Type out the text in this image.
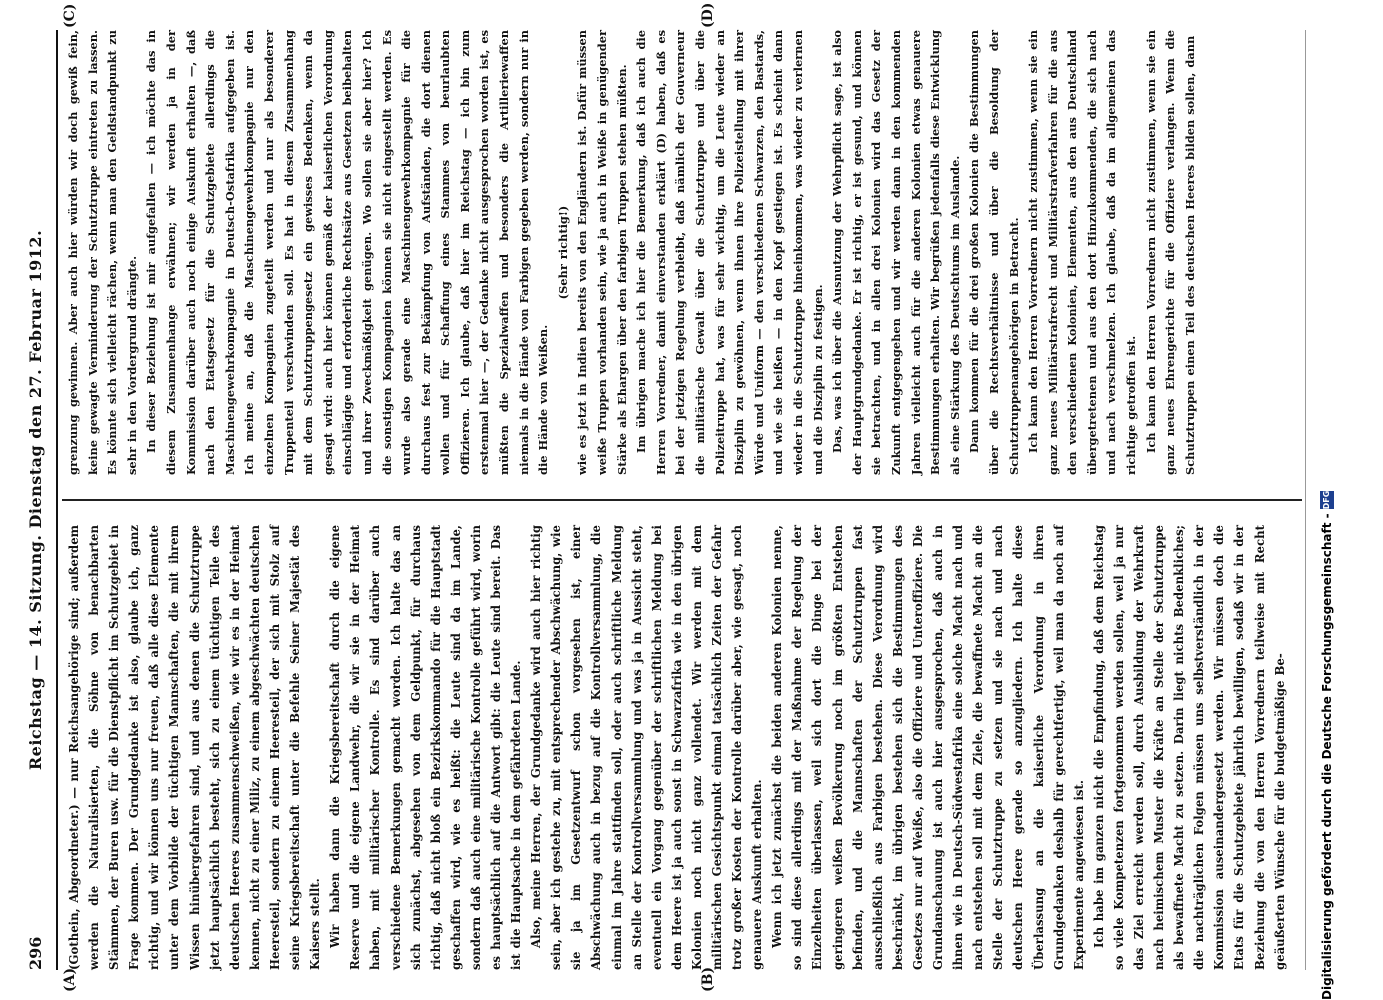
296
Reichstag — 14. Sitzung. Dienstag den 27. Februar 1912.
(A)	(B)
(C)	(D)

(Gothein, Abgeordneter.) — nur Reichsangehörige sind; außerdem werden die Naturalisierten, die Söhne von benachbarten Stämmen, der Buren usw. für die Dienstpflicht im Schutzgebiet in Frage kommen. Der Grundgedanke ist also, glaube ich, ganz richtig, und wir können uns nur freuen, daß alle diese Elemente unter dem Vorbilde der tüchtigen Mannschaften, die mit ihrem Wissen hinübergefahren sind, und aus denen die Schutztruppe jetzt hauptsächlich besteht, sich zu einem tüchtigen Teile des deutschen Heeres zusammenschweißen, wie wir es in der Heimat kennen, nicht zu einer Miliz, zu einem abgeschwächten deutschen Heeresteil, sondern zu einem Heeresteil, der sich mit Stolz auf seine Kriegsbereitschaft unter die Befehle Seiner Majestät des Kaisers stellt. Wir haben dann die Kriegsbereitschaft durch die eigene Reserve und die eigene Landwehr, die wir sie in der Heimat haben, mit militärischer Kontrolle. Es sind darüber auch verschiedene Bemerkungen gemacht worden. Ich halte das an sich zunächst, abgesehen von dem Geldpunkt, für durchaus richtig, daß nicht bloß ein Bezirkskommando für die Hauptstadt geschaffen wird, wie es heißt: die Leute sind da im Lande, sondern daß auch eine militärische Kontrolle geführt wird, worin es hauptsächlich auf die Antwort gibt: die Leute sind bereit. Das ist die Hauptsache in dem gefährdeten Lande. Also, meine Herren, der Grundgedanke wird auch hier richtig sein, aber ich gestehe zu, mit entsprechender Abschwächung, wie sie ja im Gesetzentwurf schon vorgesehen ist, einer Abschwächung auch in bezug auf die Kontrollversammlung, die einmal im Jahre stattfinden soll, oder auch schriftliche Meldung an Stelle der Kontrollversammlung und was ja in Aussicht steht, eventuell ein Vorgang gegenüber der schriftlichen Meldung bei dem Heere ist ja auch sonst in Schwarzafrika wie in den übrigen Kolonien noch nicht ganz vollendet. Wir werden mit dem militärischen Gesichtspunkt einmal tatsächlich Zeiten der Gefahr trotz großer Kosten der Kontrolle darüber aber, wie gesagt, noch genauere Auskunft erhalten. Wenn ich jetzt zunächst die beiden anderen Kolonien nenne, so sind diese allerdings mit der Maßnahme der Regelung der Einzelheiten überlassen, weil sich dort die Dinge bei der geringeren weißen Bevölkerung noch im größten Entstehen befinden, und die Mannschaften der Schutztruppen fast ausschließlich aus Farbigen bestehen. Diese Verordnung wird beschränkt, im übrigen bestehen sich die Bestimmungen des Gesetzes nur auf Weiße, also die Offiziere und Unteroffiziere. Die Grundanschauung ist auch hier ausgesprochen, daß auch in ihnen wie in Deutsch-Südwestafrika eine solche Macht nach und nach entstehen soll mit dem Ziele, die bewaffnete Macht an die Stelle der Schutztruppe zu setzen und sie nach und nach deutschen Heere gerade so anzugliedern. Ich halte diese Überlassung an die kaiserliche Verordnung in ihren Grundgedanken deshalb für gerechtfertigt, weil man da noch auf Experimente angewiesen ist. Ich habe im ganzen nicht die Empfindung, daß dem Reichstag so viele Kompetenzen fortgenommen werden sollen, weil ja nur das Ziel erreicht werden soll, durch Ausbildung der Wehrkraft nach heimischem Muster die Kräfte an Stelle der Schutztruppe als bewaffnete Macht zu setzen. Darin liegt nichts Bedenkliches; die nachträglichen Folgen müssen uns selbstverständlich in der Kommission auseinandergesetzt werden. Wir müssen doch die Etats für die Schutzgebiete jährlich bewilligen, sodaß wir in der Beziehung die von den Herren Vorrednern teilweise mit Recht geäußerten Wünsche für die budgetmäßige Be-

grenzung gewinnen. Aber auch hier würden wir doch gewiß fein, keine gewagte Verminderung der Schutztruppe eintreten zu lassen. Es könnte sich vielleicht rächen, wenn man den Geldstandpunkt zu sehr in den Vordergrund drängte. In dieser Beziehung ist mir aufgefallen — ich möchte das in diesem Zusammenhange erwähnen; wir werden ja in der Kommission darüber auch noch einige Auskunft erhalten —, daß nach den Etatsgesetz für die Schutzgebiete allerdings die Maschinengewehrkompagnie in Deutsch-Ostafrika aufgegeben ist. Ich meine an, daß die Maschinengewehrkompagnie nur den einzelnen Kompagnien zugeteilt werden und nur als besonderer Truppenteil verschwinden soll. Es hat in diesem Zusammenhang mit dem Schutztruppengesetz ein gewisses Bedenken, wenn da gesagt wird: auch hier können gemäß der kaiserlichen Verordnung einschlägige und erforderliche Rechtsätze aus Gesetzen beibehalten und ihrer Zweckmäßigkeit genügen. Wo sollen sie aber hier? Ich die sonstigen Kompagnien können sie nicht eingestellt werden. Es wurde also gerade eine Maschinengewehrkompagnie für die durchaus fest zur Bekämpfung von Aufständen, die dort dienen wollen und für Schaffung eines Stammes von beurlaubten Offizieren. Ich glaube, daß hier im Reichstag — ich bin zum erstenmal hier —, der Gedanke nicht ausgesprochen worden ist, es müßten die Spezialwaffen und besonders die Artilleriewaffen niemals in die Hände von Farbigen gegeben werden, sondern nur in die Hände von Weißen.

(Sehr richtig!) wie es jetzt in Indien bereits von den Engländern ist. Dafür müssen weiße Truppen vorhanden sein, wie ja auch in Weiße in genügender Stärke als Ehargen über den farbigen Truppen stehen müßten. Im übrigen mache ich hier die Bemerkung, daß ich auch die Herren Vorredner, damit einverstanden erklärt (D) haben, daß es bei der jetzigen Regelung verbleibt, daß nämlich der Gouverneur die militärische Gewalt über die Schutztruppe und über die Polizeitruppe hat, was für sehr wichtig, um die Leute wieder an Disziplin zu gewöhnen, wenn ihnen ihre Polizeistellung mit ihrer Würde und Uniform — den verschiedenen Schwarzen, den Bastards, und wie sie heißen — in den Kopf gestiegen ist. Es scheint dann wieder in die Schutztruppe hineinkommen, was wieder zu verlernen und die Disziplin zu festigen. Das, was ich über die Ausnutzung der Wehrpflicht sage, ist also der Hauptgrundgedanke. Er ist richtig, er ist gesund, und können sie betrachten, und in allen drei Kolonien wird das Gesetz der Zukunft entgegengehen und wir werden dann in den kommenden Jahren vielleicht auch für die anderen Kolonien etwas genauere Bestimmungen erhalten. Wir begrüßen jedenfalls diese Entwicklung als eine Stärkung des Deutschtums im Auslande. Dann kommen für die drei großen Kolonien die Bestimmungen über die Rechtsverhältnisse und über die Besoldung der Schutztruppenangehörigen in Betracht. Ich kann den Herren Vorrednern nicht zustimmen, wenn sie ein ganz neues Militärstrafrecht und Militärstrafverfahren für die aus den verschiedenen Kolonien, Elementen, aus den aus Deutschland übergetretenen und aus den dort Hinzukommenden, die sich nach und nach verschmelzen. Ich glaube, daß da im allgemeinen das richtige getroffen ist. Ich kann den Herren Vorrednern nicht zustimmen, wenn sie ein ganz neues Ehrengerichte für die Offiziere verlangen. Wenn die Schutztruppen einen Teil des deutschen Heeres bilden sollen, dann

Digitalisierung gefördert durch die Deutsche Forschungsgemeinschaft -
DFG
